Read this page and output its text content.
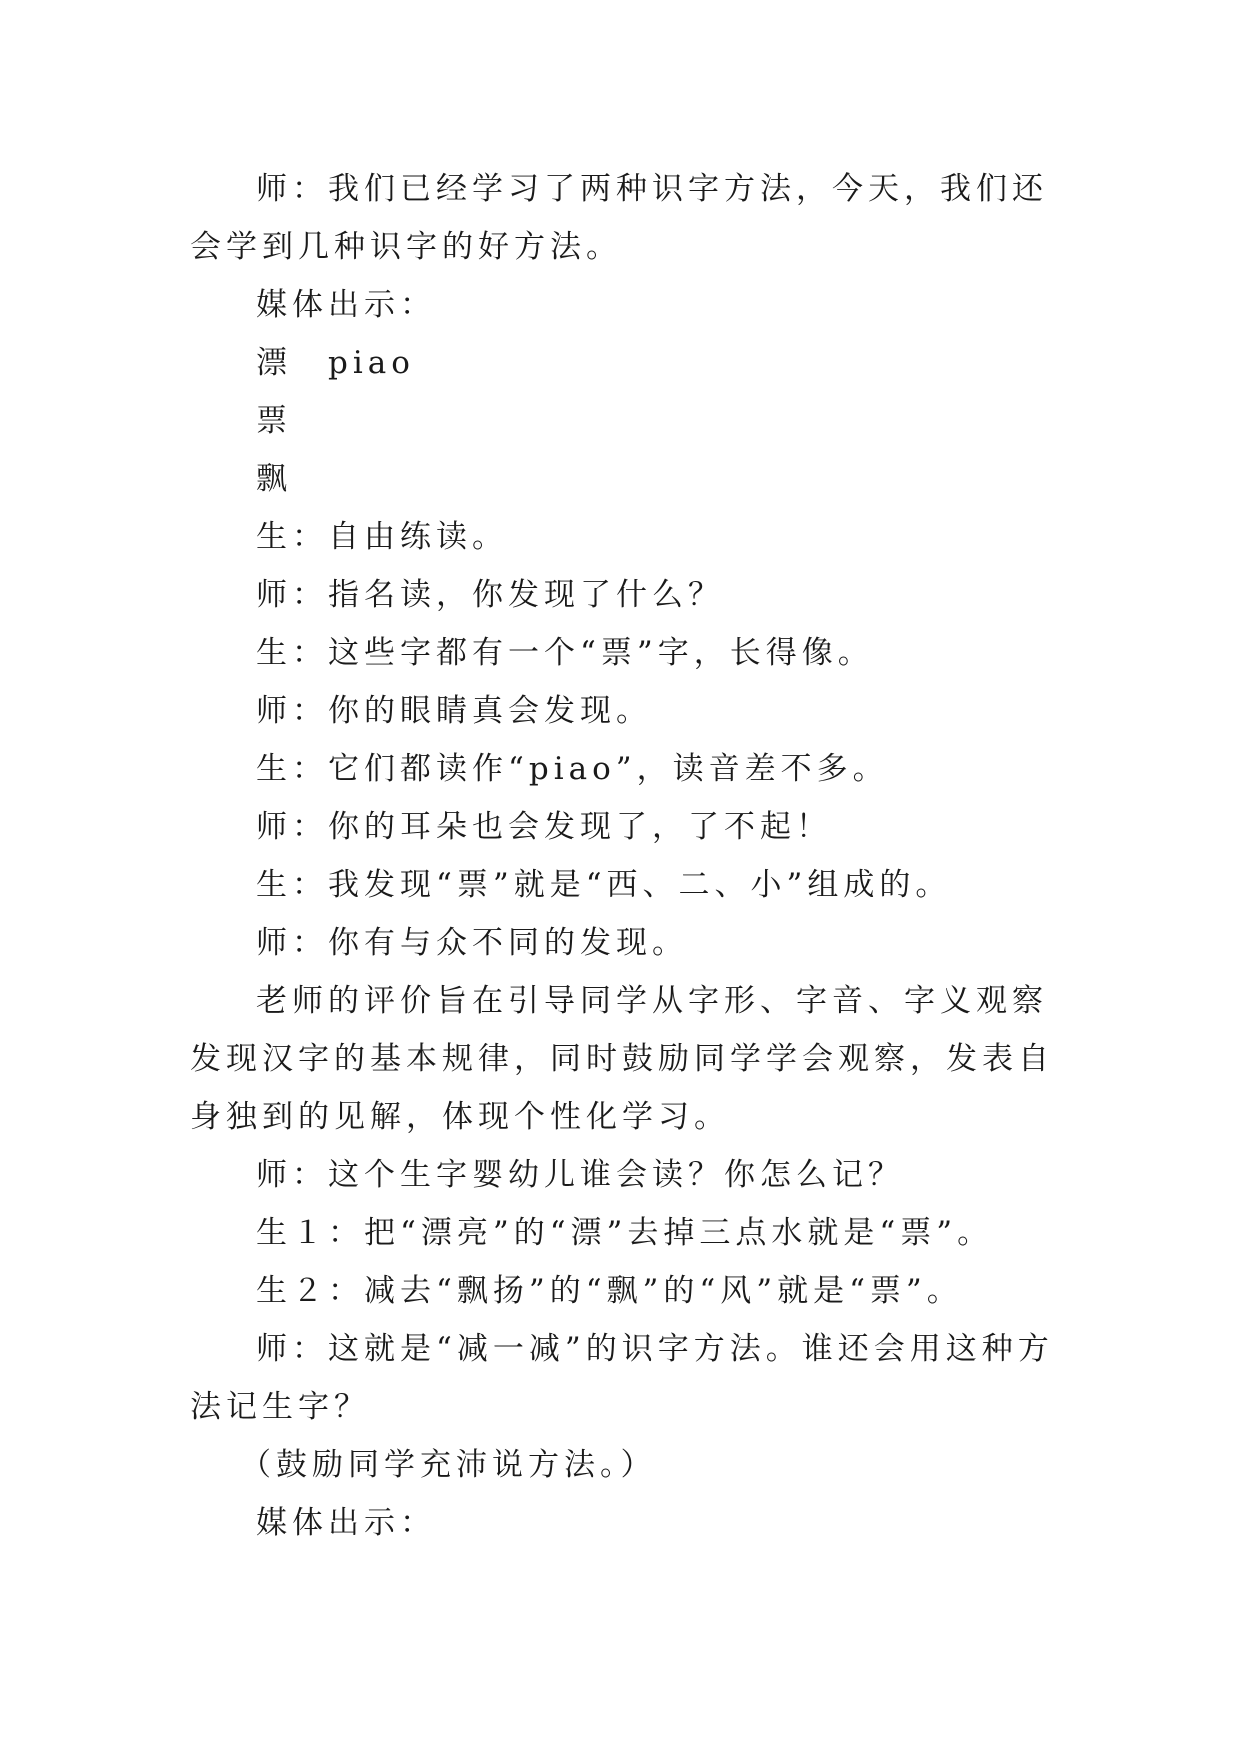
师：我们已经学习了两种识字方法，今天，我们还会学到几种识字的好方法。

媒体出示：

漂　piao

票

飘

生：自由练读。

师：指名读，你发现了什么？

生：这些字都有一个“票”字，长得像。

师：你的眼睛真会发现。

生：它们都读作“piao”，读音差不多。

师：你的耳朵也会发现了，了不起！

生：我发现“票”就是“西、二、小”组成的。

师：你有与众不同的发现。

老师的评价旨在引导同学从字形、字音、字义观察发现汉字的基本规律，同时鼓励同学学会观察，发表自身独到的见解，体现个性化学习。

师：这个生字婴幼儿谁会读？你怎么记？

生１：把“漂亮”的“漂”去掉三点水就是“票”。

生２：减去“飘扬”的“飘”的“风”就是“票”。

师：这就是“减一减”的识字方法。谁还会用这种方法记生字？

（鼓励同学充沛说方法。）

媒体出示：
